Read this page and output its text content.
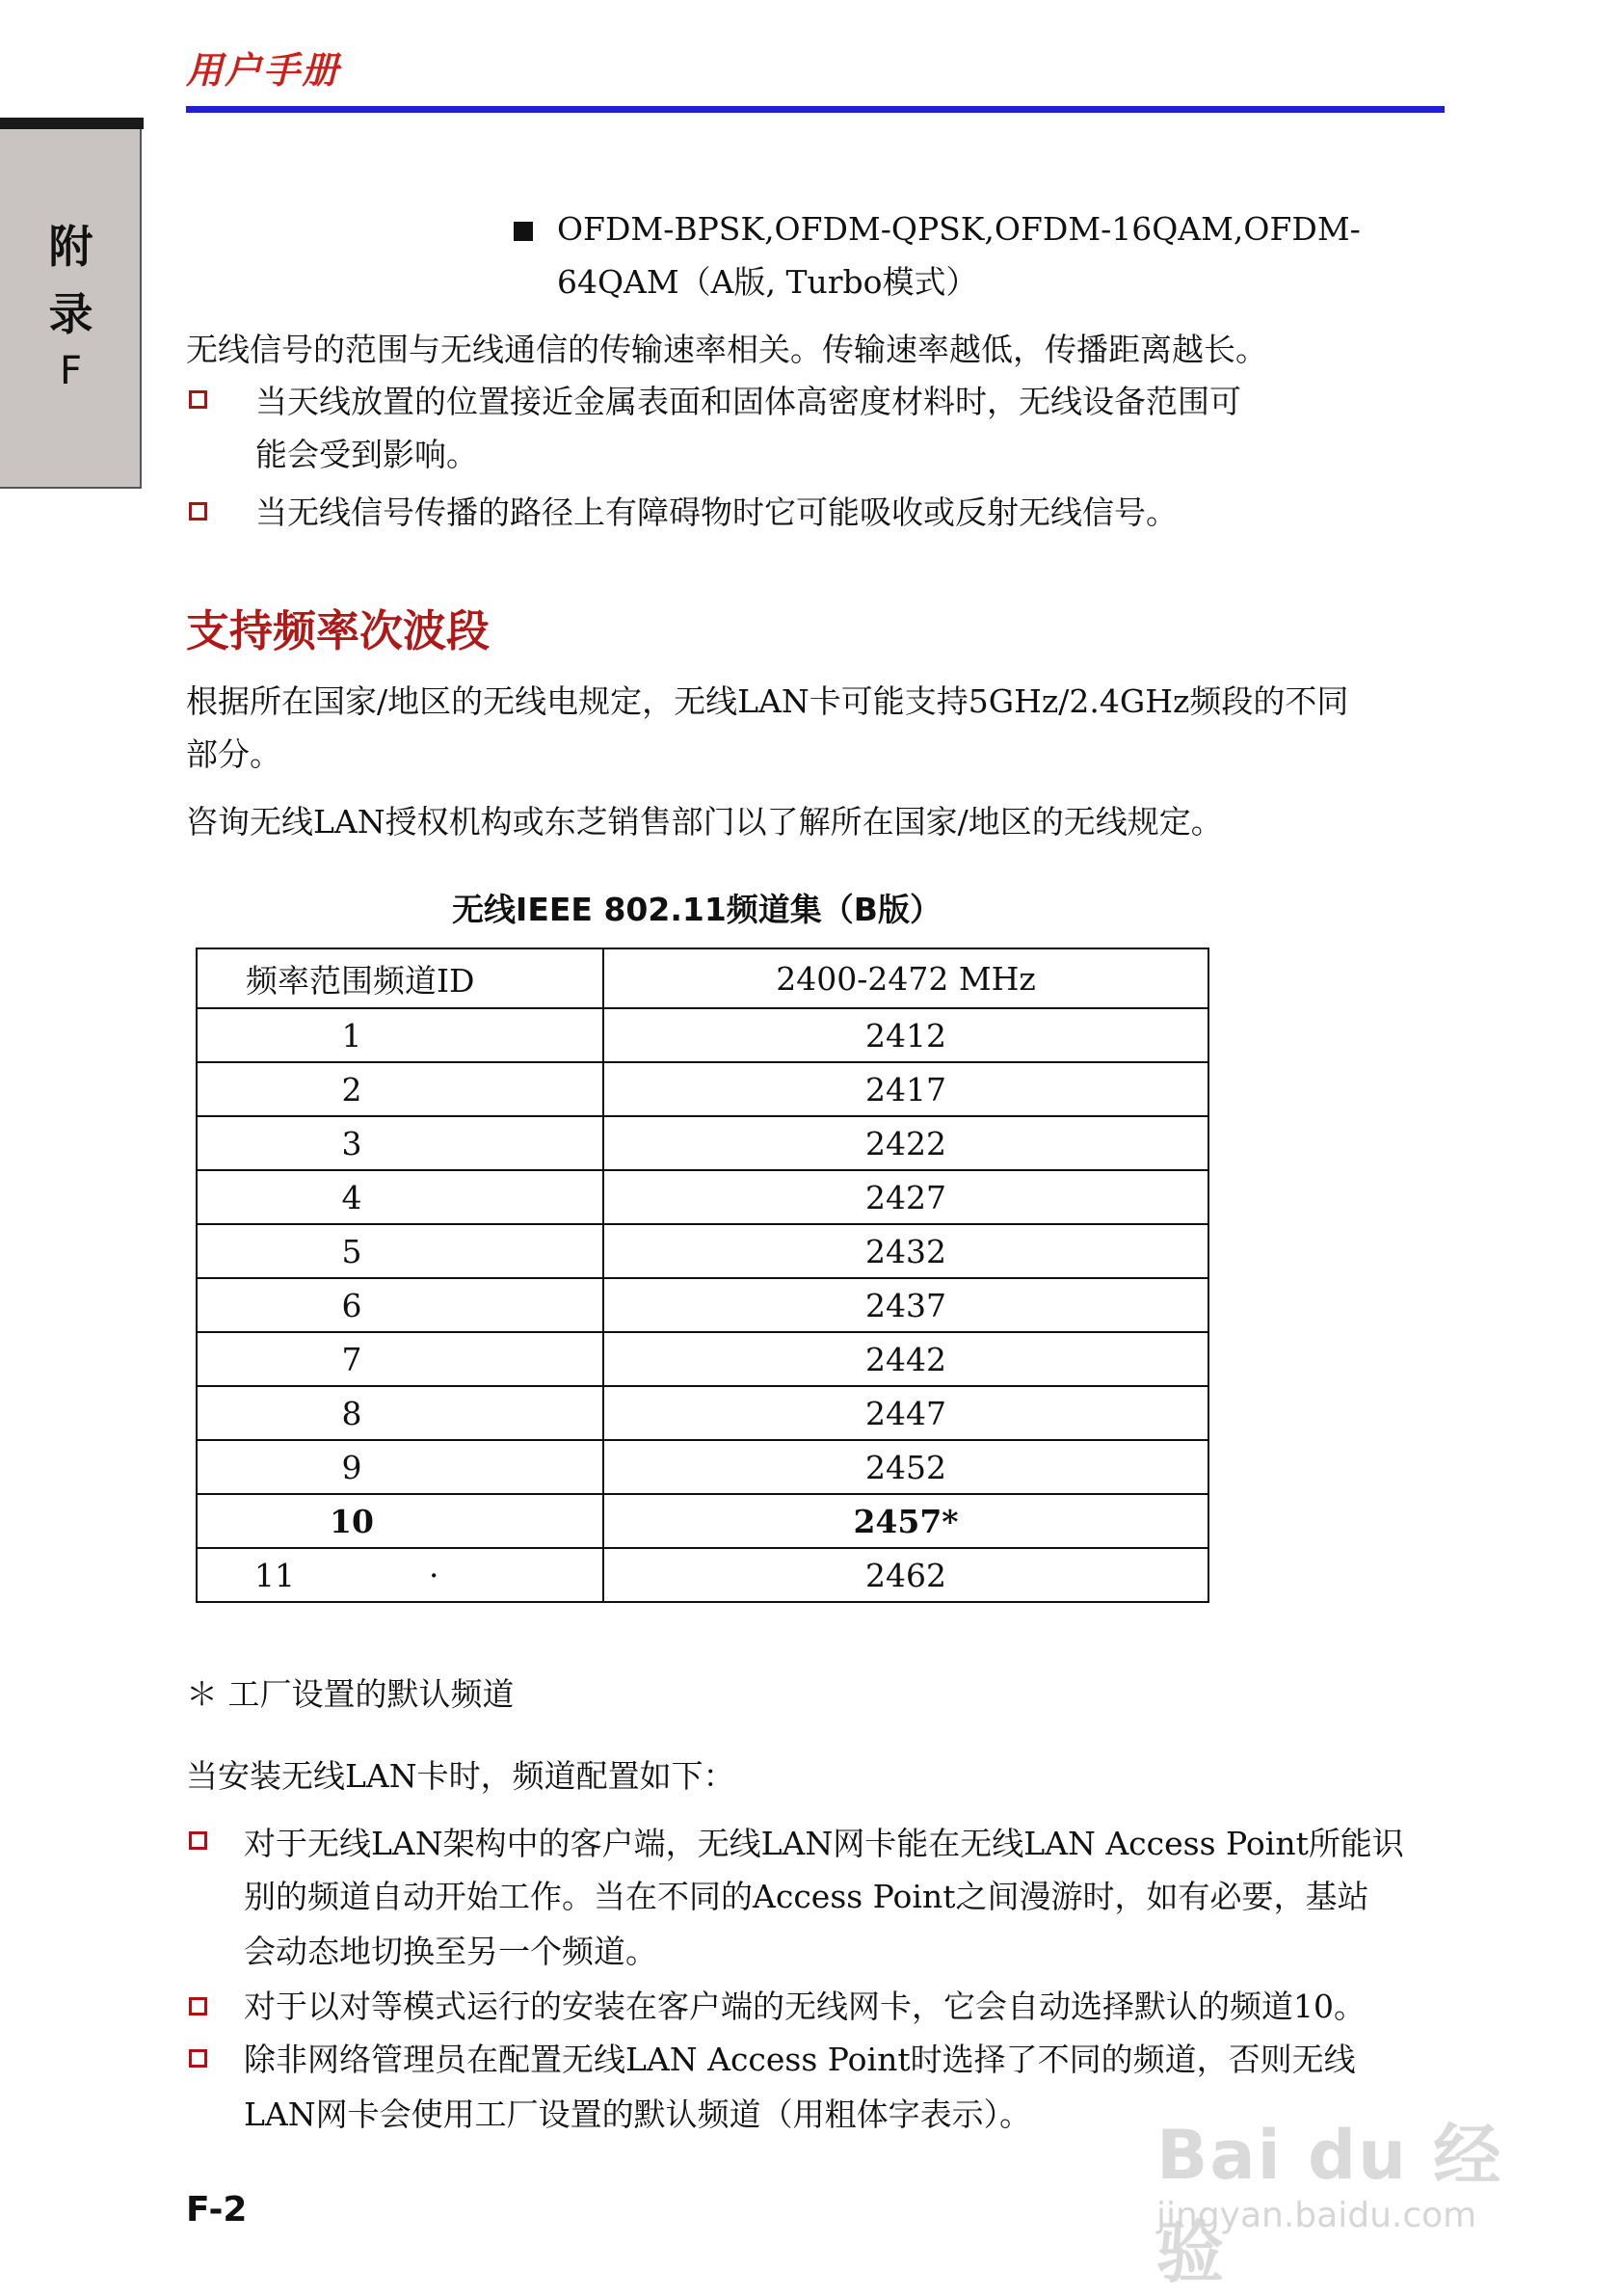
用户手册
附
录
F
OFDM-BPSK,OFDM-QPSK,OFDM-16QAM,OFDM-
64QAM（A版, Turbo模式）
无线信号的范围与无线通信的传输速率相关。传输速率越低，传播距离越长。
当天线放置的位置接近金属表面和固体高密度材料时，无线设备范围可
能会受到影响。
当无线信号传播的路径上有障碍物时它可能吸收或反射无线信号。
支持频率次波段
根据所在国家/地区的无线电规定，无线LAN卡可能支持5GHz/2.4GHz频段的不同
部分。
咨询无线LAN授权机构或东芝销售部门以了解所在国家/地区的无线规定。
无线IEEE 802.11频道集（B版）
频率范围频道ID	2400-2472 MHz
1	2412
2	2417
3	2422
4	2427
5	2432
6	2437
7	2442
8	2447
9	2452
10	2457*
11 ·	2462
＊ 工厂设置的默认频道
当安装无线LAN卡时，频道配置如下：
对于无线LAN架构中的客户端，无线LAN网卡能在无线LAN Access Point所能识
别的频道自动开始工作。当在不同的Access Point之间漫游时，如有必要，基站
会动态地切换至另一个频道。
对于以对等模式运行的安装在客户端的无线网卡，它会自动选择默认的频道10。
除非网络管理员在配置无线LAN Access Point时选择了不同的频道，否则无线
LAN网卡会使用工厂设置的默认频道（用粗体字表示）。
F-2
Bai du 经验
jingyan.baidu.com
